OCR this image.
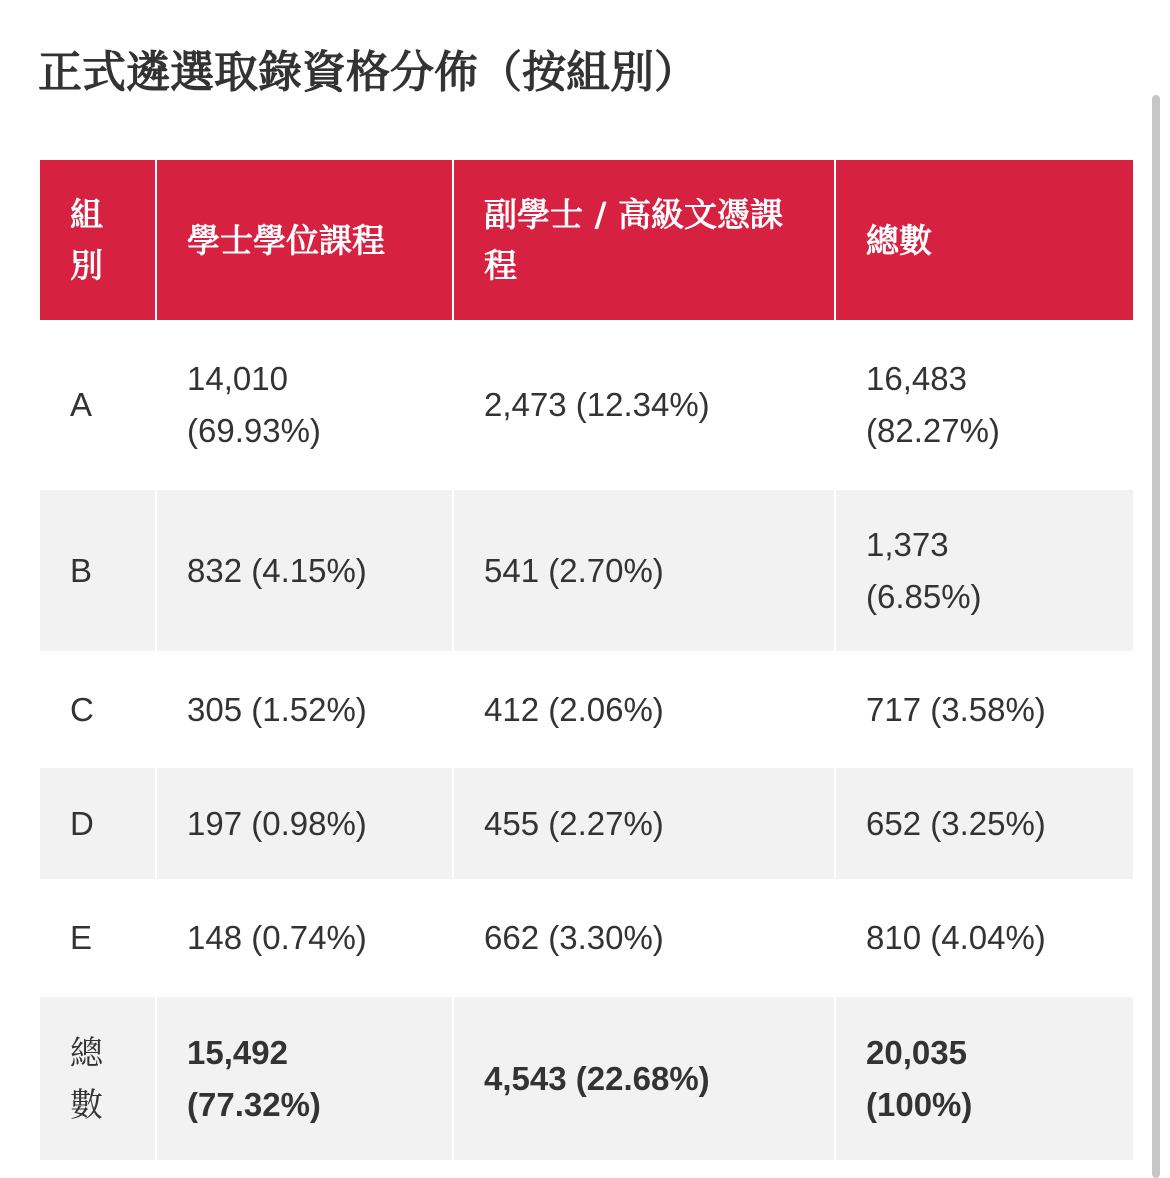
正式遴選取錄資格分佈（按組別）
組別	學士學位課程	副學士 / 高級文憑課程	總數
A	14,010 (69.93%)	2,473 (12.34%)	16,483 (82.27%)

B	832 (4.15%)	541 (2.70%)	1,373 (6.85%)

C	305 (1.52%)	412 (2.06%)	717 (3.58%)

D	197 (0.98%)	455 (2.27%)	652 (3.25%)

E	148 (0.74%)	662 (3.30%)	810 (4.04%)

總數	15,492 (77.32%)	4,543 (22.68%)	20,035 (100%)
